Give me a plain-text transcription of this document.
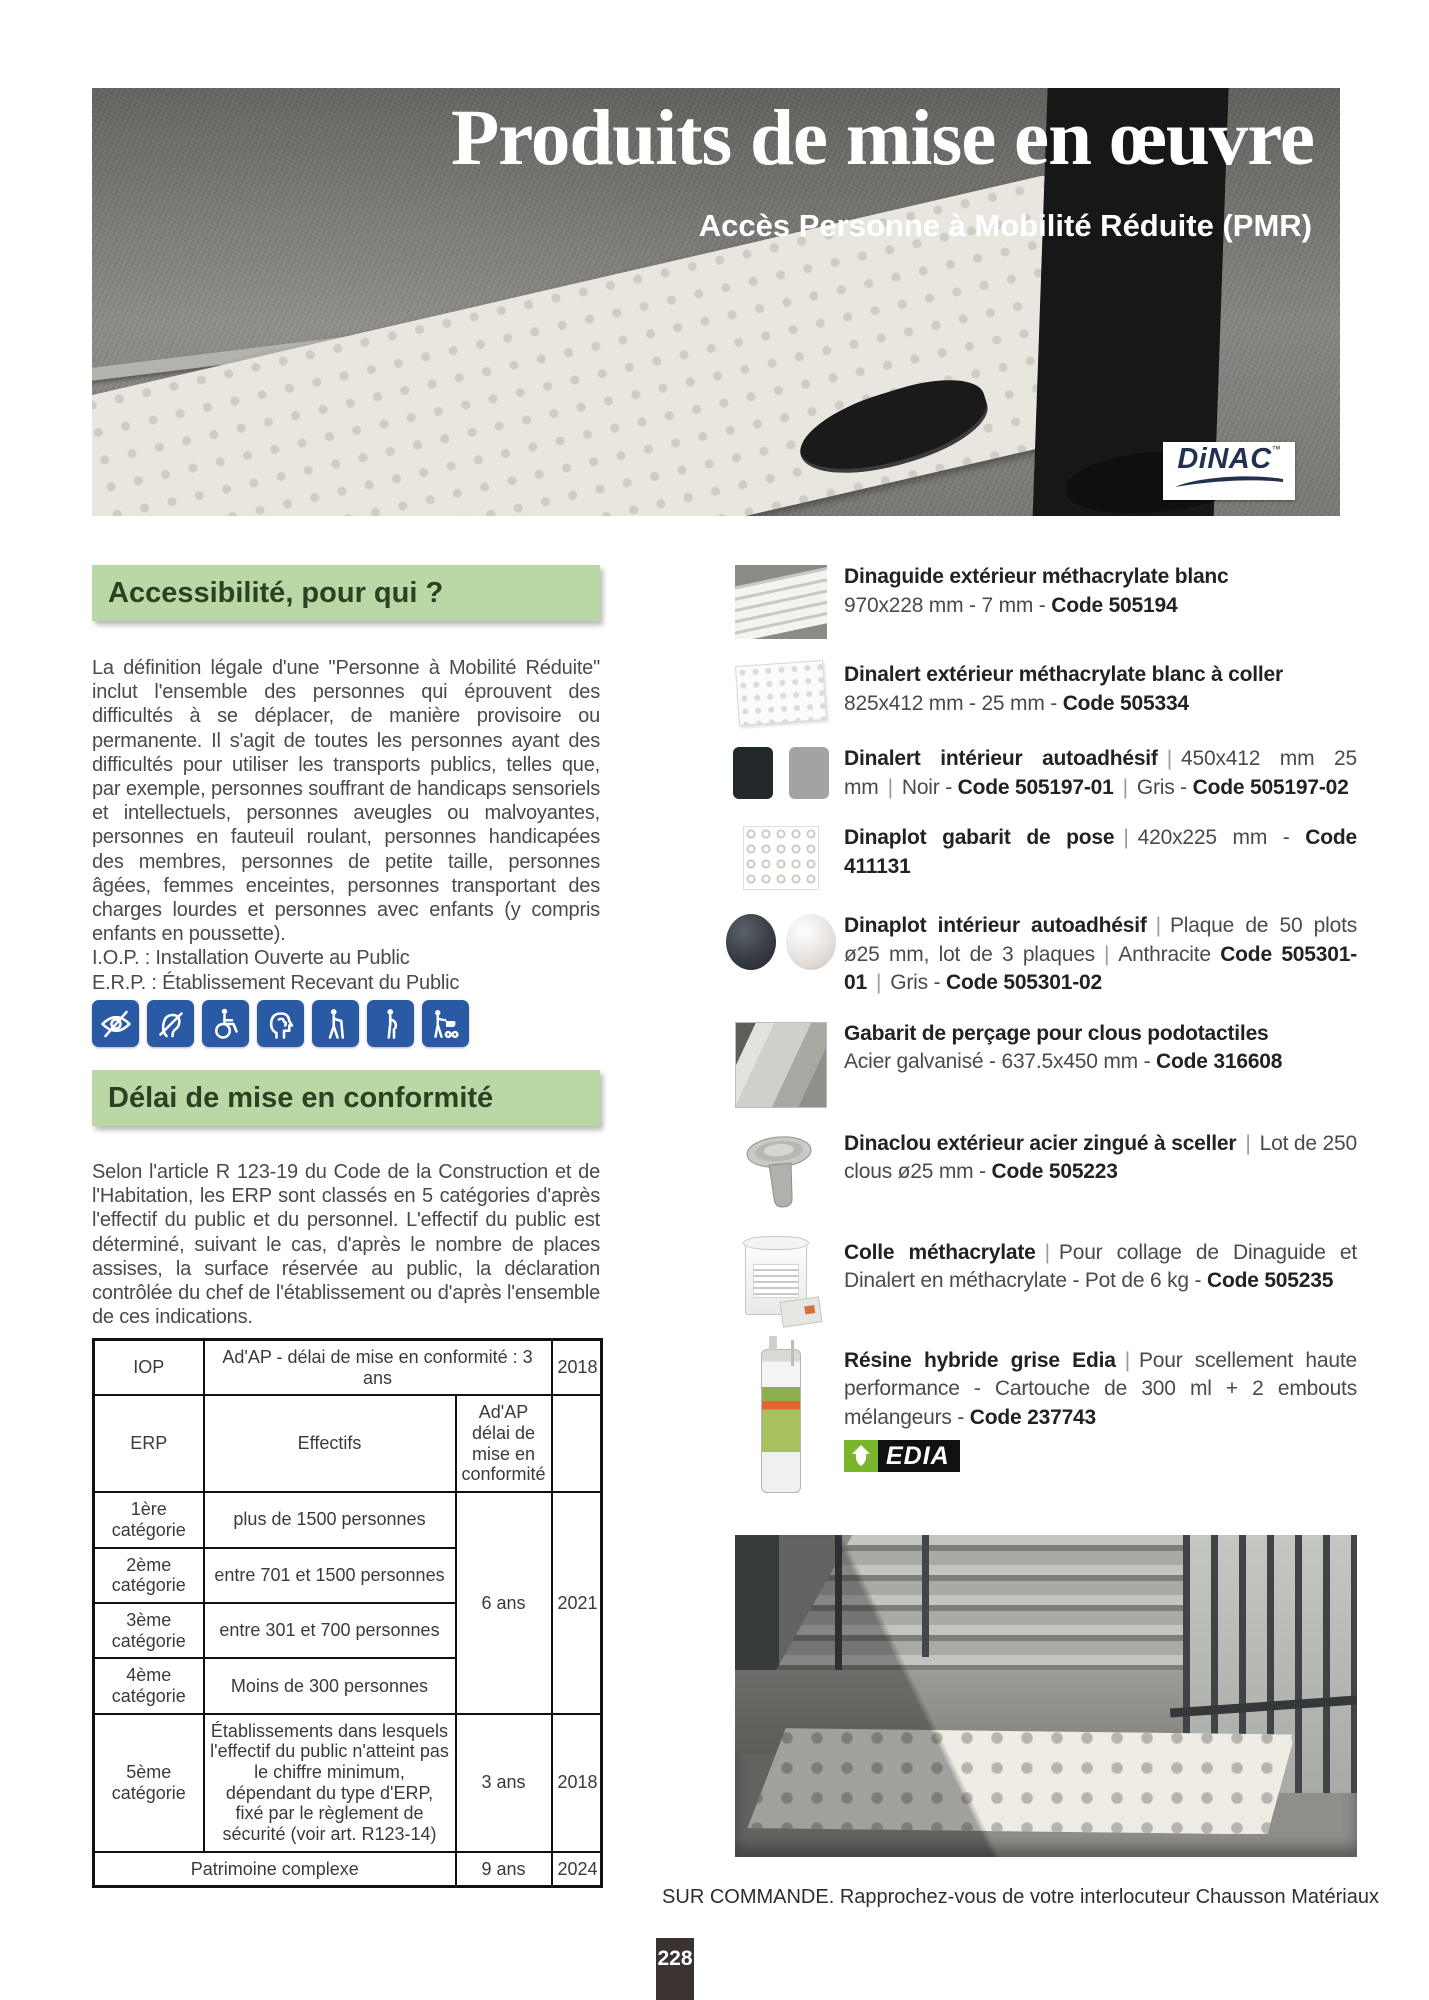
Produits de mise en œuvre
Accès Personne à Mobilité Réduite (PMR)
DiNAC™
Accessibilité, pour qui ?
La définition légale d'une "Personne à Mobilité Réduite" inclut l'ensemble des personnes qui éprouvent des difficultés à se déplacer, de manière provisoire ou permanente. Il s'agit de toutes les personnes ayant des difficultés pour utiliser les transports publics, telles que, par exemple, personnes souffrant de handicaps sensoriels et intellectuels, personnes aveugles ou malvoyantes, personnes en fauteuil roulant, personnes handicapées des membres, personnes de petite taille, personnes âgées, femmes enceintes, personnes transportant des charges lourdes et personnes avec enfants (y compris enfants en poussette).
I.O.P. : Installation Ouverte au Public
E.R.P. : Établissement Recevant du Public
Délai de mise en conformité
Selon l'article R 123-19 du Code de la Construction et de l'Habitation, les ERP sont classés en 5 catégories d'après l'effectif du public et du personnel. L'effectif du public est déterminé, suivant le cas, d'après le nombre de places assises, la surface réservée au public, la déclaration contrôlée du chef de l'établissement ou d'après l'ensemble de ces indications.
IOP	Ad'AP - délai de mise en conformité : 3 ans		2018
ERP	Effectifs	Ad'AP délai de mise en conformité	
1ère catégorie	plus de 1500 personnes	6 ans	2021
2ème catégorie	entre 701 et 1500 personnes		
3ème catégorie	entre 301 et 700 personnes		
4ème catégorie	Moins de 300 personnes		
5ème catégorie	Établissements dans lesquels l'effectif du public n'atteint pas le chiffre minimum, dépendant du type d'ERP, fixé par le règlement de sécurité (voir art. R123-14)	3 ans	2018
Patrimoine complexe		9 ans	2024
Dinaguide extérieur méthacrylate blanc
970x228 mm - 7 mm - Code 505194
Dinalert extérieur méthacrylate blanc à coller
825x412 mm - 25 mm - Code 505334
Dinalert intérieur autoadhésif | 450x412 mm 25 mm | Noir - Code 505197-01 | Gris - Code 505197-02
Dinaplot gabarit de pose | 420x225 mm - Code 411131
Dinaplot intérieur autoadhésif | Plaque de 50 plots ø25 mm, lot de 3 plaques | Anthracite Code 505301-01 | Gris - Code 505301-02
Gabarit de perçage pour clous podotactiles
Acier galvanisé - 637.5x450 mm - Code 316608
Dinaclou extérieur acier zingué à sceller | Lot de 250 clous ø25 mm - Code 505223
Colle méthacrylate | Pour collage de Dinaguide et Dinalert en méthacrylate - Pot de 6 kg - Code 505235
Résine hybride grise Edia | Pour scellement haute performance - Cartouche de 300 ml + 2 embouts mélangeurs - Code 237743
EDIA
SUR COMMANDE. Rapprochez-vous de votre interlocuteur Chausson Matériaux
228
